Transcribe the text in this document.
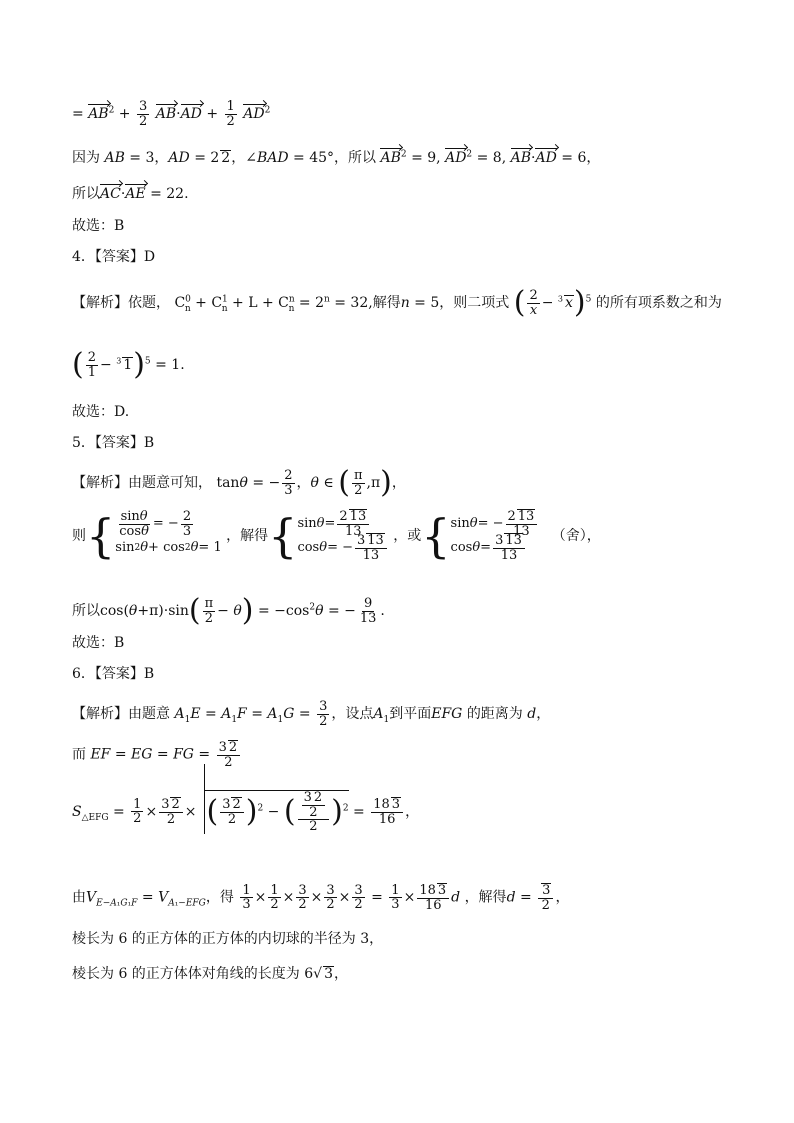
= $AB^2 + \frac{3}{2} AB\cdot AD + \frac{1}{2} AD^2$
因为 AB = 3，AD = 2 2，∠BAD = 45°，所以 $AB^2 = 9$, $AD^2 = 8$, AB·AD = 6，
所以AC·AE = 22.
故选：B
4．【答案】D
【解析】依题， $C^0_n + C^1_n + L + C^n_n = 2^n = 32$,解得n = 5，则二项式 ( $\frac{2}{x} - ^3$ x)$^5$ 的所有项系数之和为
( $\frac{2}{1} - ^3$ 1)$^5$ = 1.
故选：D.
5．【答案】B
【解析】由题意可知， tanθ = − $\frac{2}{3}$ ，θ ∈ ( $\frac{\pi}{2} ,\pi$)，
则{ $\frac{\sin\theta}{\cos\theta}$ = − $\frac{2}{3}$
sin 2 θ + cos 2 θ = 1
，解得{ $\sin \theta = \frac{2 13}{13}$
cos θ = − $\frac{3 13}{13}$ ，或{ sin θ = − $\frac{2 13}{13}$
$\cos \theta = \frac{3 13}{13}$ （舍），
所以$\cos(\theta+\pi)\cdot\sin( \frac{\pi}{2} - \theta) = -\cos^2\theta$ = − $\frac{9}{13}$ .
故选：B
6．【答案】B
【解析】由题意 $A_1E = A_1F = A_1G = \frac{3}{2}$ ，设点$A_1$到平面EFG 的距离为 d，
而 EF = EG = FG = $\frac{3 2}{2}$
$S_{\triangle EFG} = \frac{1}{2} \times \frac{3 2}{2}$ × ( $\frac{3 2}{2} )^2$ − ( $\frac{\frac{3 2}{2}}{2} )^2 = \frac{18 3}{16}$ ，
由$V_{E-A_1G_1F} = V_{A_1-EFG}$，得 $\frac{1}{3} \times \frac{1}{2} \times \frac{3}{2} \times \frac{3}{2} \times \frac{3}{2} = \frac{1}{3} \times \frac{18 3}{16}$ d ，解得$d = \frac{3}{2}$ ，
棱长为 6 的正方体的正方体的内切球的半径为 3，
棱长为 6 的正方体体对角线的长度为 6√ 3，
